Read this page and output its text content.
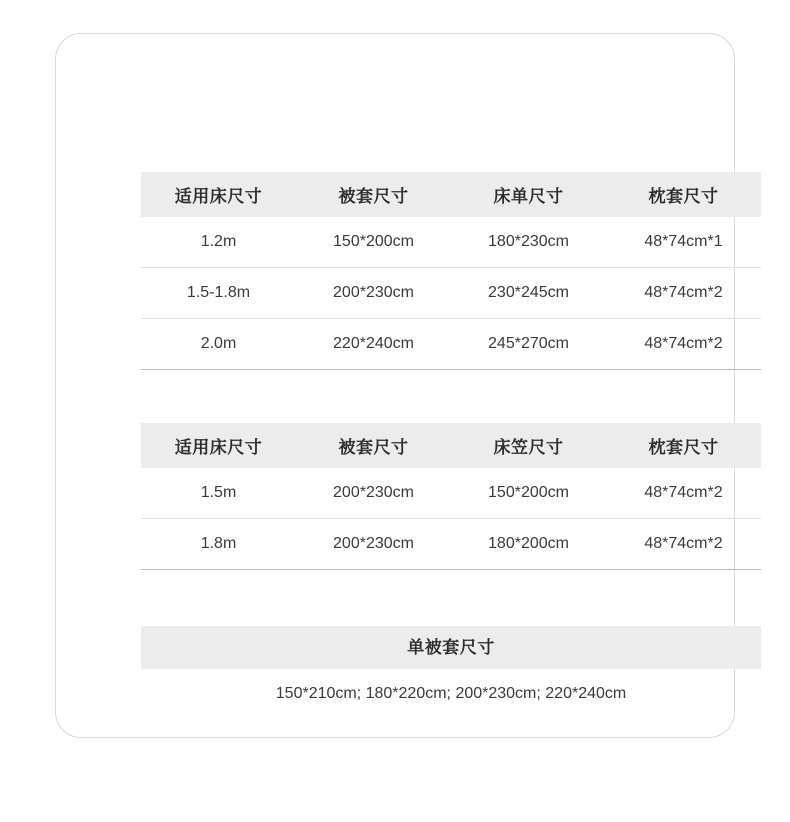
适用床尺寸	被套尺寸	床单尺寸	枕套尺寸
1.2m	150*200cm	180*230cm	48*74cm*1
1.5-1.8m	200*230cm	230*245cm	48*74cm*2
2.0m	220*240cm	245*270cm	48*74cm*2
适用床尺寸	被套尺寸	床笠尺寸	枕套尺寸
1.5m	200*230cm	150*200cm	48*74cm*2
1.8m	200*230cm	180*200cm	48*74cm*2
单被套尺寸
150*210cm; 180*220cm; 200*230cm; 220*240cm
